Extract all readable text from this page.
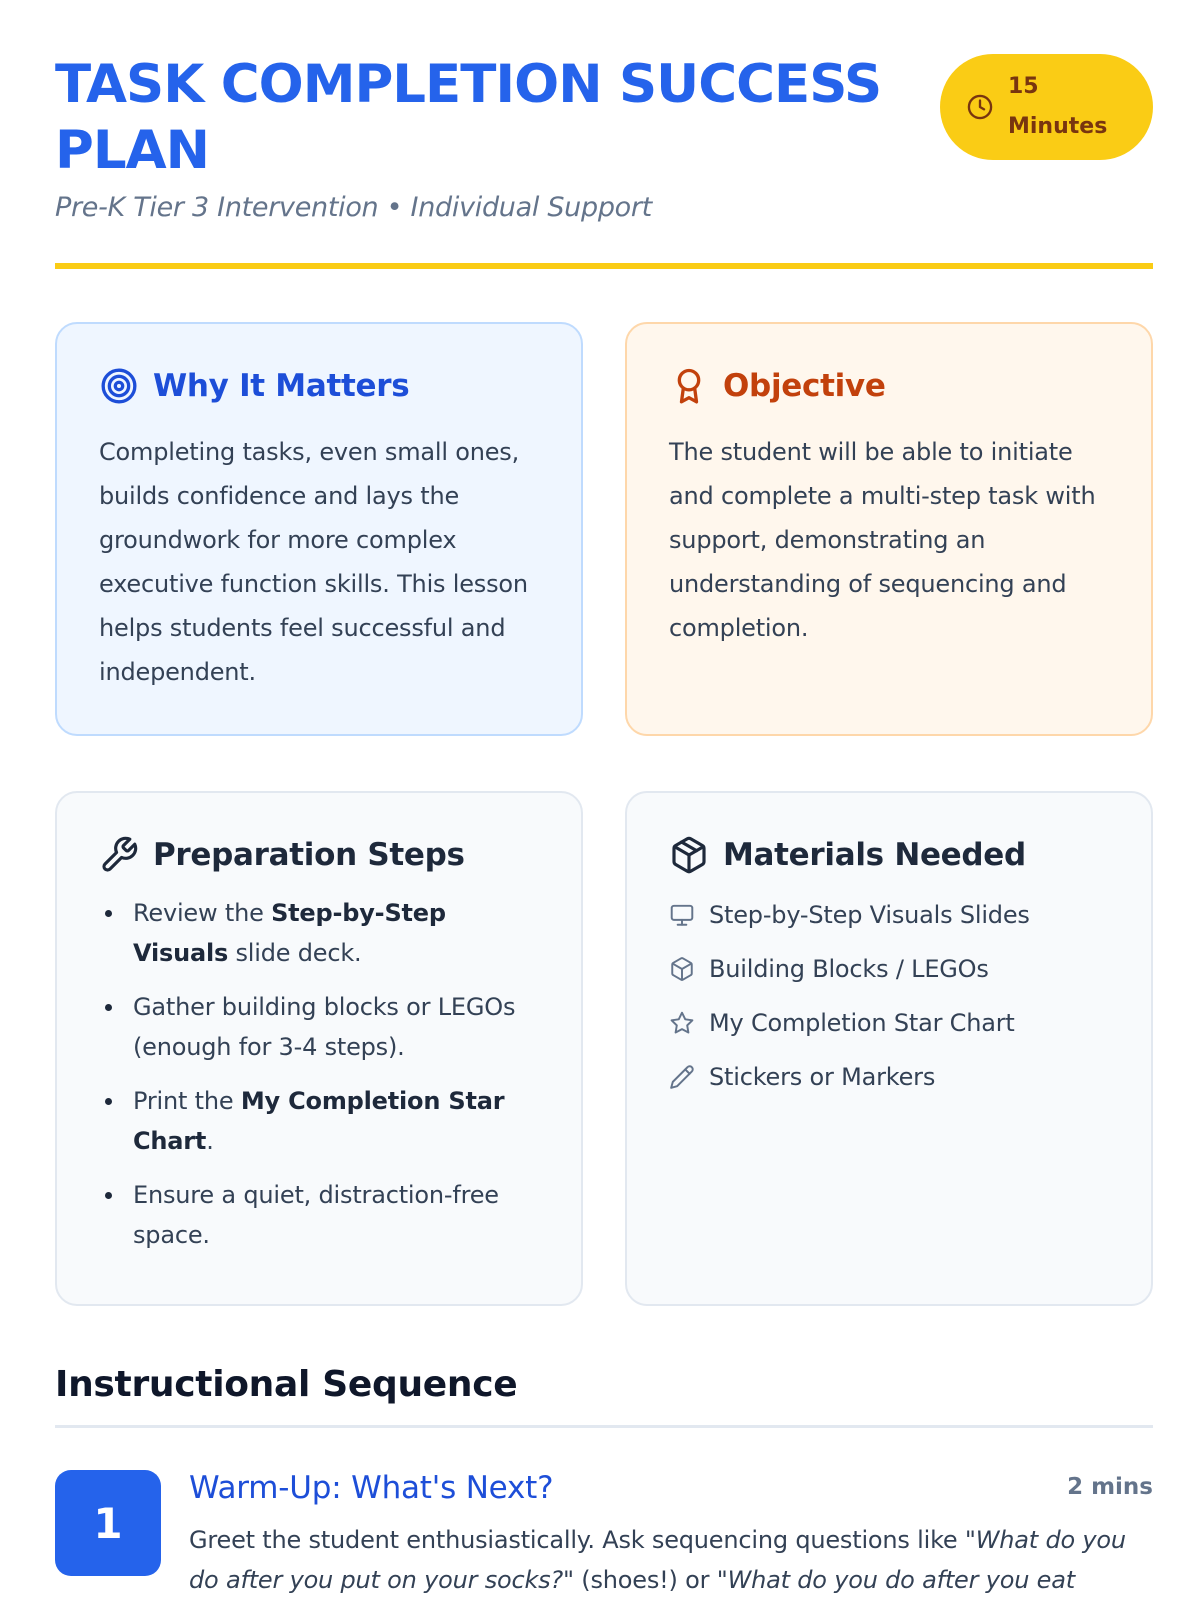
TASK COMPLETION SUCCESS PLAN
Pre-K Tier 3 Intervention • Individual Support
15
Minutes
Why It Matters

Completing tasks, even small ones, builds confidence and lays the groundwork for more complex executive function skills. This lesson helps students feel successful and independent.

Objective

The student will be able to initiate and complete a multi-step task with support, demonstrating an understanding of sequencing and completion.

Preparation Steps
Review the Step-by-Step Visuals slide deck.
Gather building blocks or LEGOs (enough for 3-4 steps).
Print the My Completion Star Chart.
Ensure a quiet, distraction-free space.
Materials Needed
Step-by-Step Visuals Slides
Building Blocks / LEGOs
My Completion Star Chart
Stickers or Markers
Instructional Sequence
1
Warm-Up: What's Next?	2 mins

Greet the student enthusiastically. Ask sequencing questions like "What do you do after you put on your socks?" (shoes!) or "What do you do after you eat
